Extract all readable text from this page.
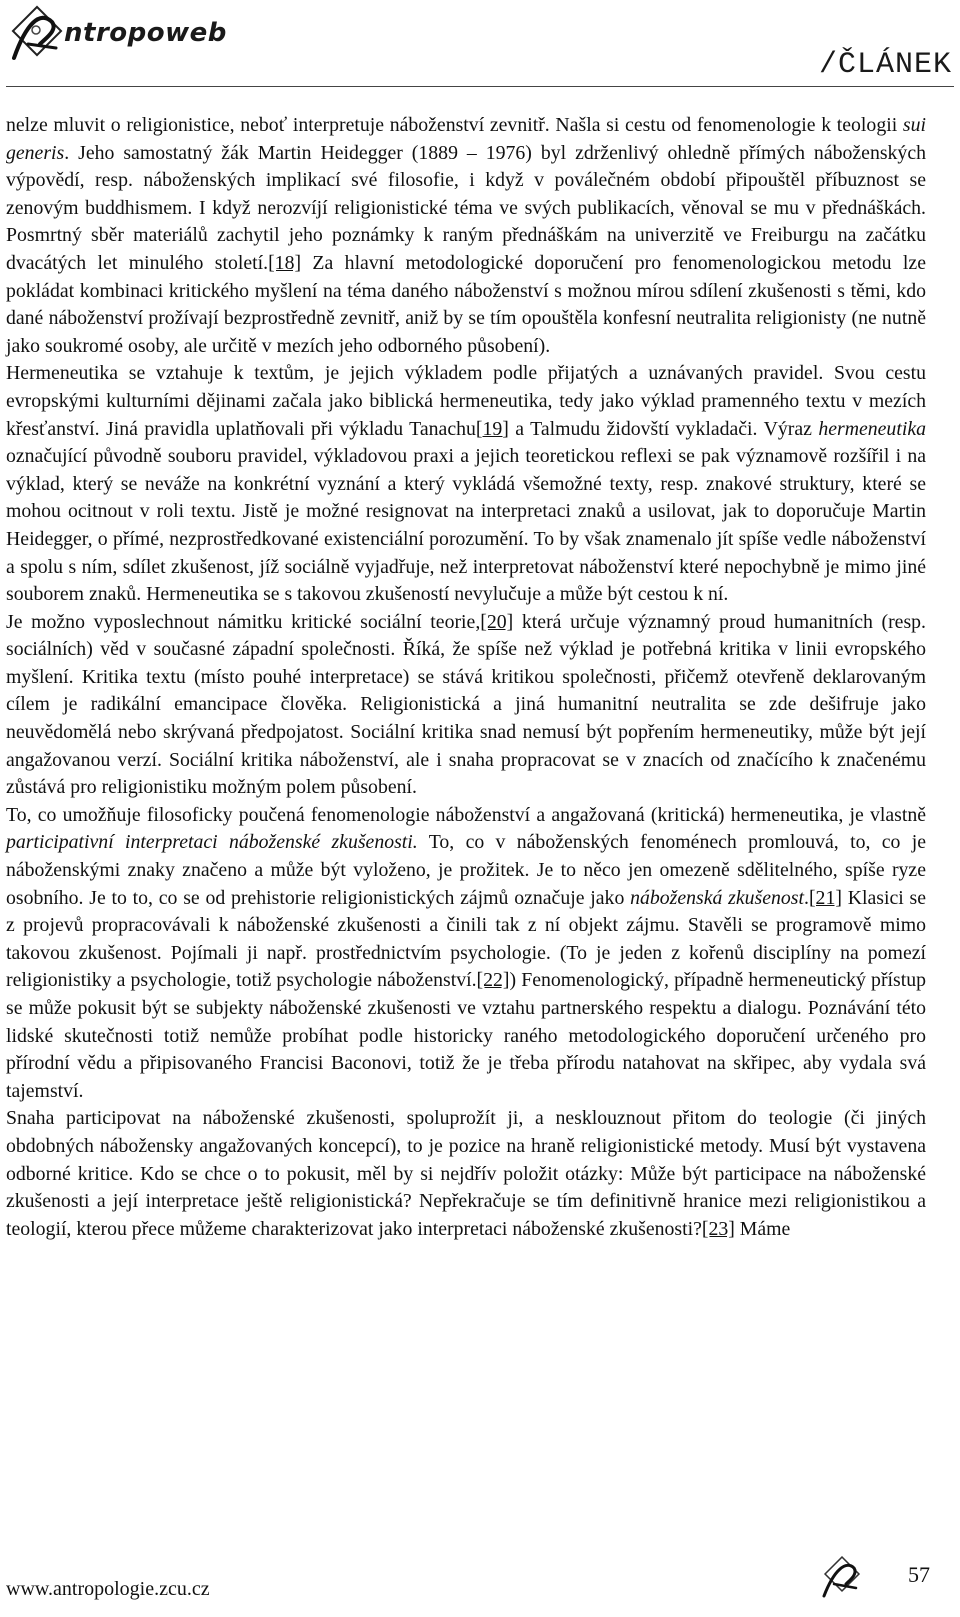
ntropoweb
/ČLÁNEK

nelze mluvit o religionistice, neboť interpretuje náboženství zevnitř. Našla si cestu od fenomenologie k teologii sui generis. Jeho samostatný žák Martin Heidegger (1889 – 1976) byl zdrženlivý ohledně přímých náboženských výpovědí, resp. náboženských implikací své filosofie, i když v poválečném období připouštěl příbuznost se zenovým buddhismem. I když nerozvíjí religionistické téma ve svých publikacích, věnoval se mu v přednáškách. Posmrtný sběr materiálů zachytil jeho poznámky k raným přednáškám na univerzitě ve Freiburgu na začátku dvacátých let minulého století.[18] Za hlavní metodologické doporučení pro fenomenologickou metodu lze pokládat kombinaci kritického myšlení na téma daného náboženství s možnou mírou sdílení zkušenosti s těmi, kdo dané náboženství prožívají bezprostředně zevnitř, aniž by se tím opouštěla konfesní neutralita religionisty (ne nutně jako soukromé osoby, ale určitě v mezích jeho odborného působení).

Hermeneutika se vztahuje k textům, je jejich výkladem podle přijatých a uznávaných pravidel. Svou cestu evropskými kulturními dějinami začala jako biblická hermeneutika, tedy jako výklad pramenného textu v mezích křesťanství. Jiná pravidla uplatňovali při výkladu Tanachu[19] a Talmudu židovští vykladači. Výraz hermeneutika označující původně souboru pravidel, výkladovou praxi a jejich teoretickou reflexi se pak významově rozšířil i na výklad, který se neváže na konkrétní vyznání a který vykládá všemožné texty, resp. znakové struktury, které se mohou ocitnout v roli textu. Jistě je možné resignovat na interpretaci znaků a usilovat, jak to doporučuje Martin Heidegger, o přímé, nezprostředkované existenciální porozumění. To by však znamenalo jít spíše vedle náboženství a spolu s ním, sdílet zkušenost, jíž sociálně vyjadřuje, než interpretovat náboženství které nepochybně je mimo jiné souborem znaků. Hermeneutika se s takovou zkušeností nevylučuje a může být cestou k ní.

Je možno vyposlechnout námitku kritické sociální teorie,[20] která určuje významný proud humanitních (resp. sociálních) věd v současné západní společnosti. Říká, že spíše než výklad je potřebná kritika v linii evropského myšlení. Kritika textu (místo pouhé interpretace) se stává kritikou společnosti, přičemž otevřeně deklarovaným cílem je radikální emancipace člověka. Religionistická a jiná humanitní neutralita se zde dešifruje jako neuvědomělá nebo skrývaná předpojatost. Sociální kritika snad nemusí být popřením hermeneutiky, může být její angažovanou verzí. Sociální kritika náboženství, ale i snaha propracovat se v znacích od značícího k značenému zůstává pro religionistiku možným polem působení.

To, co umožňuje filosoficky poučená fenomenologie náboženství a angažovaná (kritická) hermeneutika, je vlastně participativní interpretaci náboženské zkušenosti. To, co v náboženských fenoménech promlouvá, to, co je náboženskými znaky značeno a může být vyloženo, je prožitek. Je to něco jen omezeně sdělitelného, spíše ryze osobního. Je to to, co se od prehistorie religionistických zájmů označuje jako náboženská zkušenost.[21] Klasici se z projevů propracovávali k náboženské zkušenosti a činili tak z ní objekt zájmu. Stavěli se programově mimo takovou zkušenost. Pojímali ji např. prostřednictvím psychologie. (To je jeden z kořenů disciplíny na pomezí religionistiky a psychologie, totiž psychologie náboženství.[22]) Fenomenologický, případně hermeneutický přístup se může pokusit být se subjekty náboženské zkušenosti ve vztahu partnerského respektu a dialogu. Poznávání této lidské skutečnosti totiž nemůže probíhat podle historicky raného metodologického doporučení určeného pro přírodní vědu a připisovaného Francisi Baconovi, totiž že je třeba přírodu natahovat na skřipec, aby vydala svá tajemství.

Snaha participovat na náboženské zkušenosti, spoluprožít ji, a nesklouznout přitom do teologie (či jiných obdobných nábožensky angažovaných koncepcí), to je pozice na hraně religionistické metody. Musí být vystavena odborné kritice. Kdo se chce o to pokusit, měl by si nejdřív položit otázky: Může být participace na náboženské zkušenosti a její interpretace ještě religionistická? Nepřekračuje se tím definitivně hranice mezi religionistikou a teologií, kterou přece můžeme charakterizovat jako interpretaci náboženské zkušenosti?[23] Máme

www.antropologie.zcu.cz
57
